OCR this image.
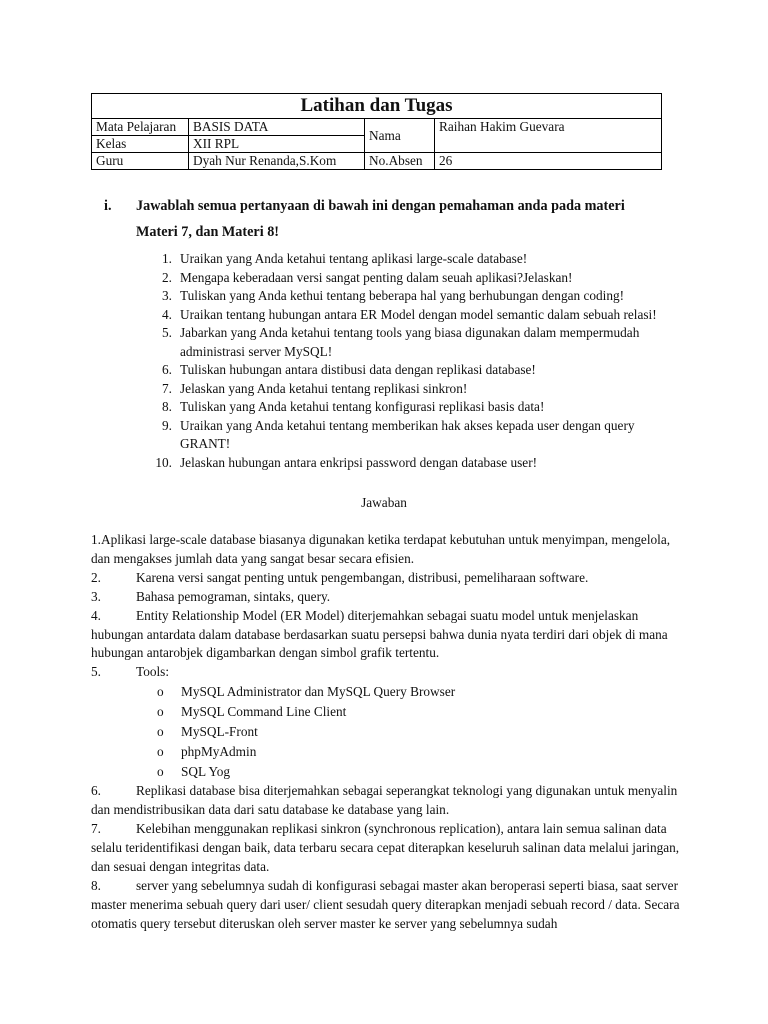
Latihan dan Tugas			
Mata Pelajaran	BASIS DATA	Nama	Raihan Hakim Guevara
Kelas	XII RPL		
Guru	Dyah Nur Renanda,S.Kom	No.Absen	26
i. Jawablah semua pertanyaan di bawah ini dengan pemahaman anda pada materi
Materi 7, dan Materi 8!
1. Uraikan yang Anda ketahui tentang aplikasi large-scale database!
2. Mengapa keberadaan versi sangat penting dalam seuah aplikasi?Jelaskan!
3. Tuliskan yang Anda kethui tentang beberapa hal yang berhubungan dengan coding!
4. Uraikan tentang hubungan antara ER Model dengan model semantic dalam sebuah relasi!
5. Jabarkan yang Anda ketahui tentang tools yang biasa digunakan dalam mempermudah administrasi server MySQL!
6. Tuliskan hubungan antara distibusi data dengan replikasi database!
7. Jelaskan yang Anda ketahui tentang replikasi sinkron!
8. Tuliskan yang Anda ketahui tentang konfigurasi replikasi basis data!
9. Uraikan yang Anda ketahui tentang memberikan hak akses kepada user dengan query GRANT!
10. Jelaskan hubungan antara enkripsi password dengan database user!
Jawaban

1.Aplikasi large-scale database biasanya digunakan ketika terdapat kebutuhan untuk menyimpan, mengelola, dan mengakses jumlah data yang sangat besar secara efisien.

2.	Karena versi sangat penting untuk pengembangan, distribusi, pemeliharaan software.

3.	Bahasa pemograman, sintaks, query.

4.	Entity Relationship Model (ER Model) diterjemahkan sebagai suatu model untuk menjelaskan hubungan antardata dalam database berdasarkan suatu persepsi bahwa dunia nyata terdiri dari objek di mana hubungan antarobjek digambarkan dengan simbol grafik tertentu.

5.	Tools:

o MySQL Administrator dan MySQL Query Browser
o MySQL Command Line Client
o MySQL-Front
o phpMyAdmin
o SQL Yog

6.	Replikasi database bisa diterjemahkan sebagai seperangkat teknologi yang digunakan untuk menyalin dan mendistribusikan data dari satu database ke database yang lain.

7.	Kelebihan menggunakan replikasi sinkron (synchronous replication), antara lain semua salinan data selalu teridentifikasi dengan baik, data terbaru secara cepat diterapkan keseluruh salinan data melalui jaringan, dan sesuai dengan integritas data.

8.	server yang sebelumnya sudah di konfigurasi sebagai master akan beroperasi seperti biasa, saat server master menerima sebuah query dari user/ client sesudah query diterapkan menjadi sebuah record / data. Secara otomatis query tersebut diteruskan oleh server master ke server yang sebelumnya sudah
